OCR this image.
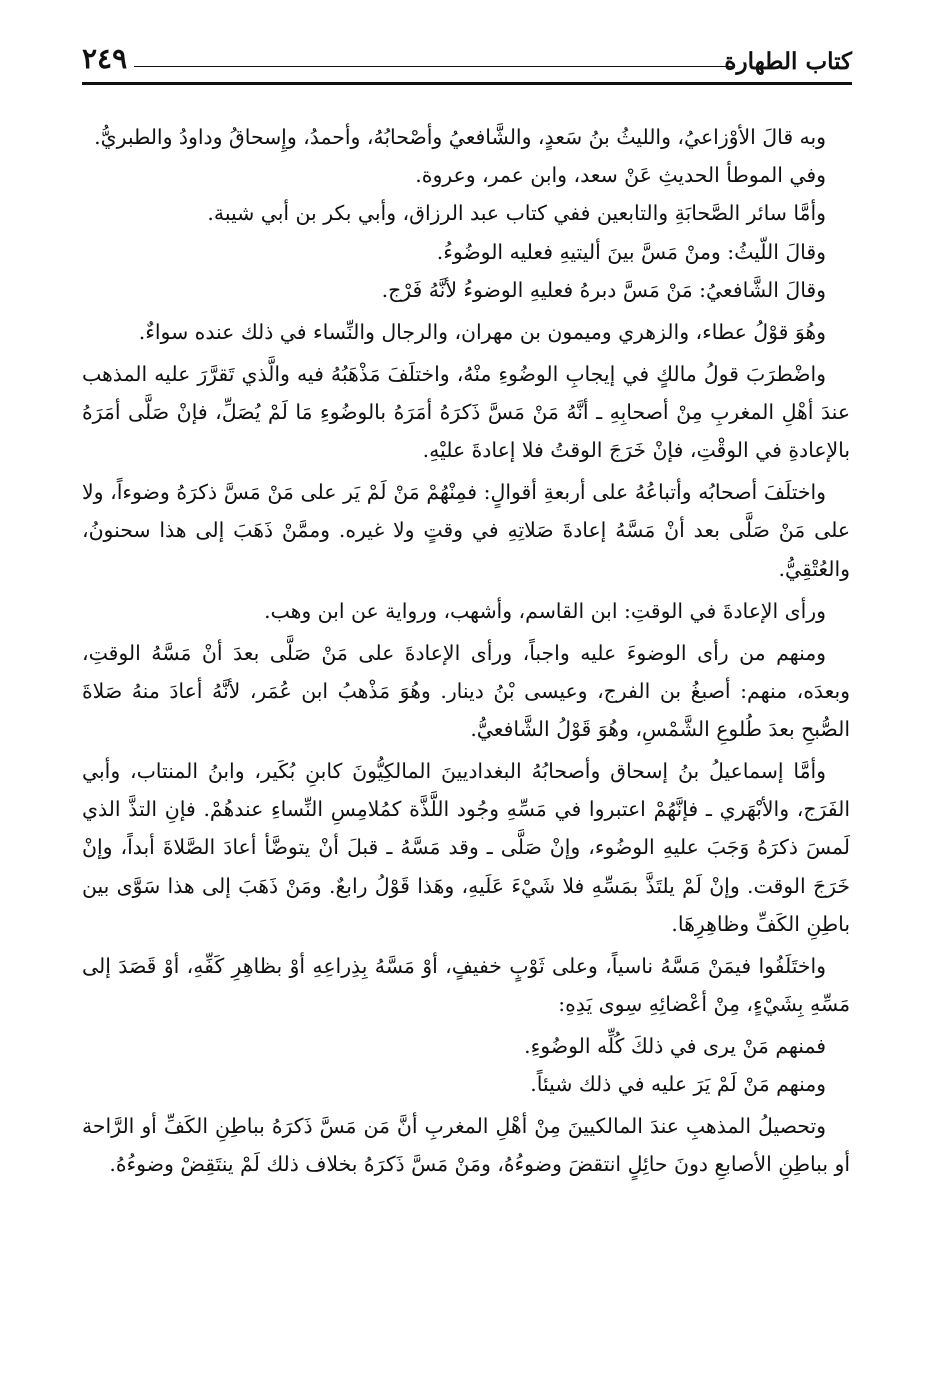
كتاب الطهارة
٢٤٩

وبه قالَ الأوْزاعيُ، والليثُ بنُ سَعدٍ، والشَّافعيُ وأصْحابُهُ، وأحمدُ، وإِسحاقُ وداودُ والطبريُّ.

وفي الموطأ الحديثِ عَنْ سعد، وابن عمر، وعروة.

وأمَّا سائر الصَّحابَةِ والتابعين ففي كتاب عبد الرزاق، وأبي بكر بن أبي شيبة.

وقالَ اللّيثُ: ومنْ مَسَّ بينَ أليتيهِ فعليه الوضُوءُ.

وقالَ الشَّافعيُ: مَنْ مَسَّ دبرهُ فعليهِ الوضوءُ لأنَّهُ فَرْج.

وهُوَ قوْلُ عطاء، والزهري وميمون بن مهران، والرجال والنِّساء في ذلك عنده سواءٌ.

واضْطرَبَ قولُ مالكٍ في إيجابِ الوضُوءِ منْهُ، واختلَفَ مَذْهَبُهُ فيه والَّذي تَقرَّرَ عليه المذهب عندَ أهْلِ المغربِ مِنْ أصحابِهِ ـ أنَّهُ مَنْ مَسَّ ذَكرَهُ أمَرَهُ بالوضُوءِ مَا لَمْ يُصَلِّ، فإنْ صَلَّى أمَرَهُ بالإعادةِ في الوقْتِ، فإنْ خَرَجَ الوقتُ فلا إعادةَ عليْهِ.

واختلَفَ أصحابُه وأتباعُهُ على أربعةِ أقوالٍ: فمِنْهُمْ مَنْ لَمْ يَر على مَنْ مَسَّ ذكرَهُ وضوءاً، ولا على مَنْ صَلَّى بعد أنْ مَسَّهُ إعادةَ صَلاتِهِ في وقتٍ ولا غيره. وممَّنْ ذَهَبَ إلى هذا سحنونُ، والعُتْقِيُّ.

ورأى الإعادةَ في الوقتِ: ابن القاسم، وأشهب، ورواية عن ابن وهب.

ومنهم من رأى الوضوءَ عليه واجباً، ورأى الإعادةَ على مَنْ صَلَّى بعدَ أنْ مَسَّهُ الوقتِ، وبعدَه، منهم: أصبغُ بن الفرج، وعيسى بْنُ دينار. وهُوَ مَذْهبُ ابن عُمَر، لأنَّهُ أعادَ منهُ صَلاةَ الصُّبحِ بعدَ طُلوعِ الشَّمْسِ، وهُوَ قَوْلُ الشَّافعيُّ.

وأمَّا إسماعيلُ بنُ إسحاق وأصحابُهُ البغداديينَ المالكِيُّونَ كابنِ بُكَير، وابنُ المنتاب، وأبي الفَرَج، والأبْهَري ـ فإنَّهُمْ اعتبروا في مَسِّهِ وجُود اللَّذَّة كمُلامِسِ النِّساءِ عندهُمْ. فإنِ التذَّ الذي لَمسَ ذكرَهُ وَجَبَ عليهِ الوضُوء، وإنْ صَلَّى ـ وقد مَسَّهُ ـ قبلَ أنْ يتوضَّأ أعادَ الصَّلاةَ أبداً، وإنْ خَرَجَ الوقت. وإنْ لَمْ يلتَذَّ بمَسِّهِ فلا شَيْءَ عَلَيهِ، وهَذا قَوْلُ رابعٌ. ومَنْ ذَهَبَ إلى هذا سَوَّى بين باطِنِ الكَفِّ وظاهِرِهَا.

واختَلَفُوا فيمَنْ مَسَّهُ ناسياً، وعلى ثَوْبٍ خفيفٍ، أوْ مَسَّهُ بِذِراعِهِ أوْ بظاهِرِ كَفِّهِ، أوْ قَصَدَ إلى مَسِّهِ بِشَيْءٍ، مِنْ أعْضائِهِ سِوى يَدِهِ:

فمنهم مَنْ يرى في ذلكَ كُلِّه الوضُوءِ.

ومنهم مَنْ لَمْ يَرَ عليه في ذلك شيئاً.

وتحصيلُ المذهبِ عندَ المالكيينَ مِنْ أهْلِ المغربِ أنَّ مَن مَسَّ ذَكرَهُ بباطِنِ الكَفِّ أو الرَّاحة أو بباطِنِ الأصابعِ دونَ حائِلٍ انتقضَ وضوءُهُ، ومَنْ مَسَّ ذَكرَهُ بخلاف ذلك لَمْ ينتَقِضْ وضوءُهُ.
